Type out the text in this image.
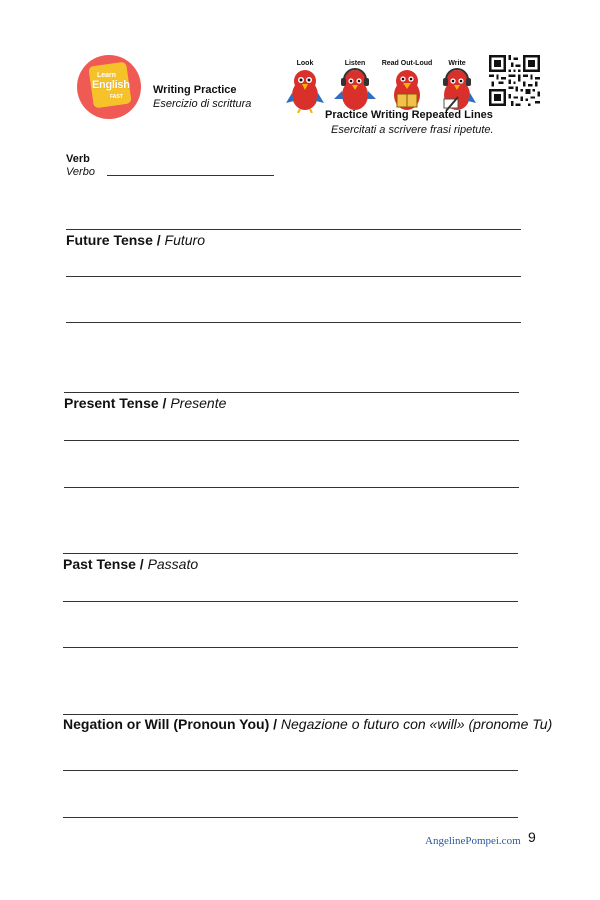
Learn
English
FAST
Writing Practice
Esercizio di scrittura
Look	Listen	Read Out-Loud	Write
Practice Writing Repeated Lines
Esercitati a scrivere frasi ripetute.
Verb
Verbo
Future Tense / Futuro
Present Tense / Presente
Past Tense / Passato
Negation or Will (Pronoun You) / Negazione o futuro con «will» (pronome Tu)
AngelinePompei.com 9
